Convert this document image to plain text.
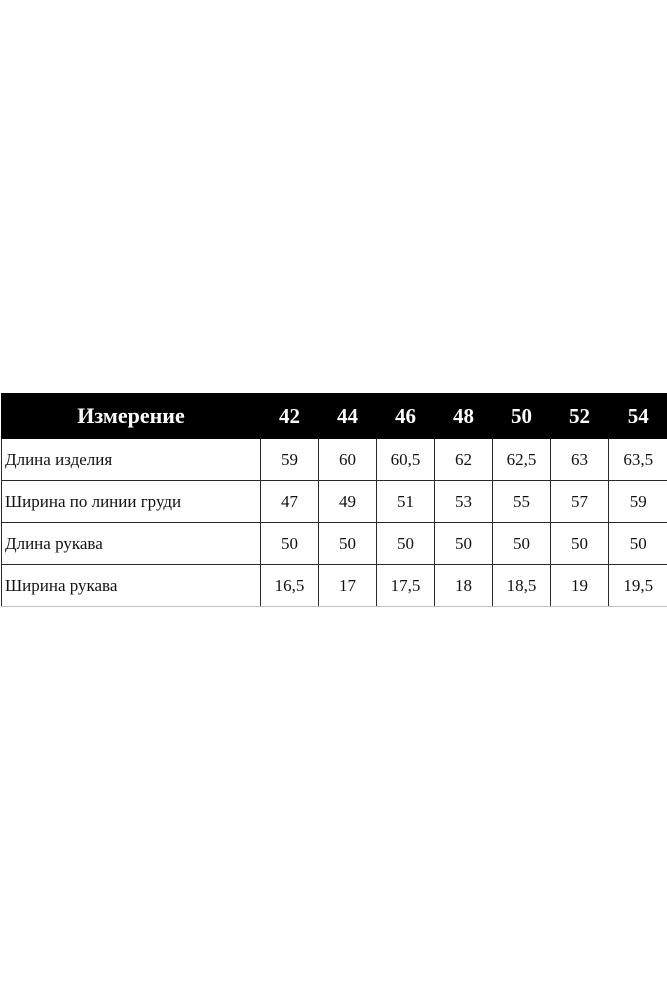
Измерение	42	44	46	48	50	52	54
Длина изделия	59	60	60,5	62	62,5	63	63,5
Ширина по линии груди	47	49	51	53	55	57	59
Длина рукава	50	50	50	50	50	50	50
Ширина рукава	16,5	17	17,5	18	18,5	19	19,5
